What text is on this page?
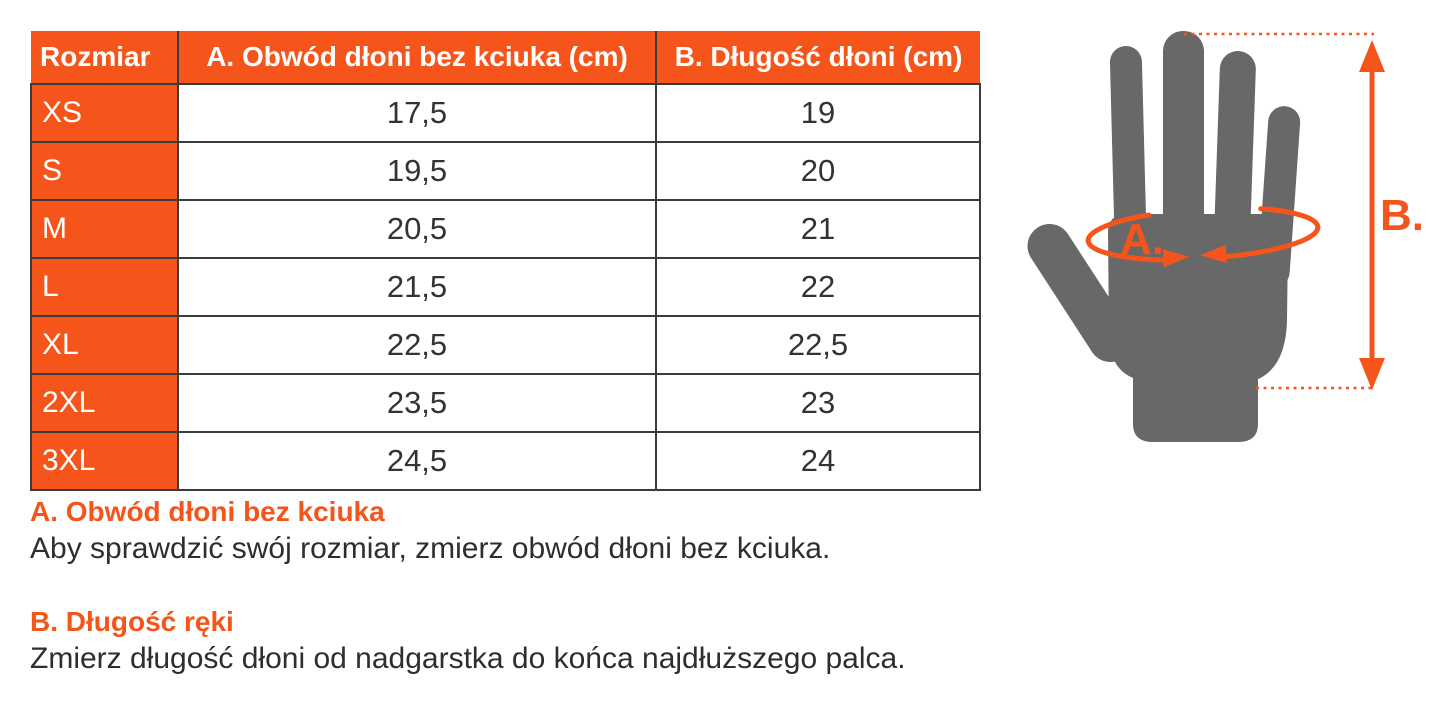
Rozmiar	A. Obwód dłoni bez kciuka (cm)	B. Długość dłoni (cm)
XS	17,5	19
S	19,5	20
M	20,5	21
L	21,5	22
XL	22,5	22,5
2XL	23,5	23
3XL	24,5	24
A. Obwód dłoni bez kciuka
Aby sprawdzić swój rozmiar, zmierz obwód dłoni bez kciuka.
B. Długość ręki
Zmierz długość dłoni od nadgarstka do końca najdłuższego palca.
A.	B.
